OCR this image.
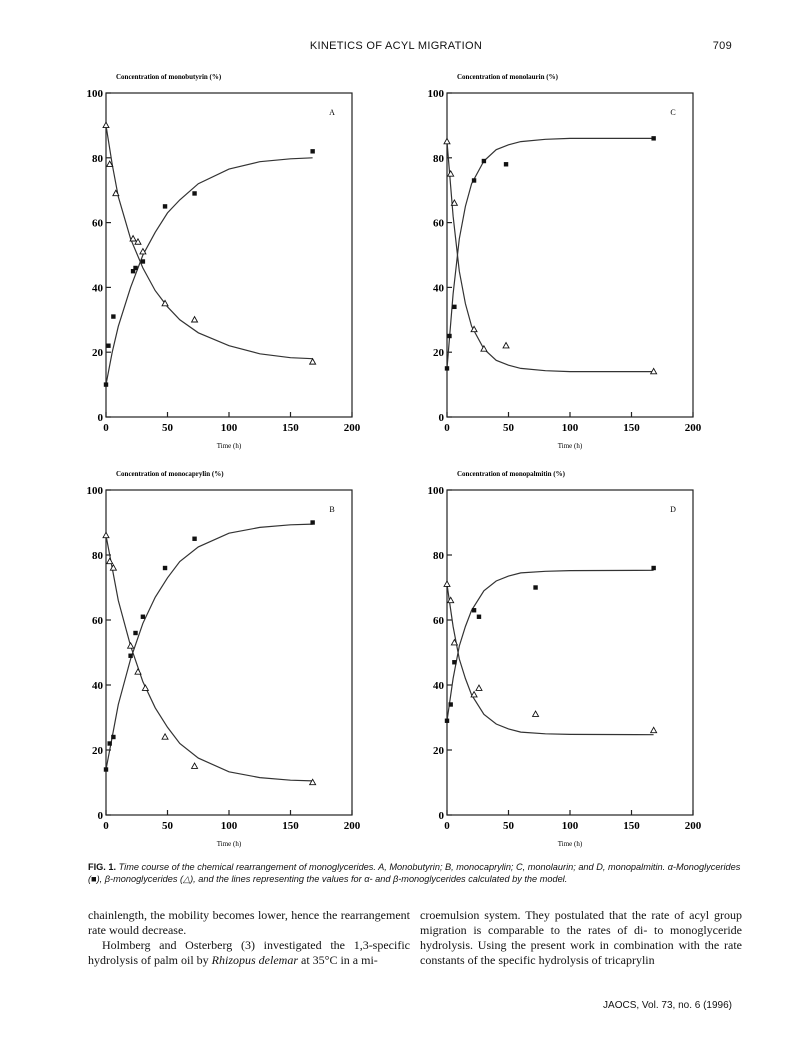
KINETICS OF ACYL MIGRATION	709
0
20
40
60
80
100
0	50	100	150	200
Concentration of monobutyrin (%)
Time (h)
A
0
20
40
60
80
100
0	50	100	150	200
Concentration of monolaurin (%)
Time (h)
C
0
20
40
60
80
100
0	50	100	150	200
Concentration of monocaprylin (%)
Time (h)
B
0
20
40
60
80
100
0	50	100	150	200
Concentration of monopalmitin (%)
Time (h)
D
FIG. 1. Time course of the chemical rearrangement of monoglycerides. A, Monobutyrin; B, monocaprylin; C, monolaurin; and D, monopalmitin. α-Monoglycerides (■), β-monoglycerides (△), and the lines representing the values for α- and β-monoglycerides calculated by the model.

chainlength, the mobility becomes lower, hence the rearrangement rate would decrease.

Holmberg and Osterberg (3) investigated the 1,3-specific hydrolysis of palm oil by Rhizopus delemar at 35°C in a mi-

croemulsion system. They postulated that the rate of acyl group migration is comparable to the rates of di- to monoglyceride hydrolysis. Using the present work in combination with the rate constants of the specific hydrolysis of tricaprylin

JAOCS, Vol. 73, no. 6 (1996)
